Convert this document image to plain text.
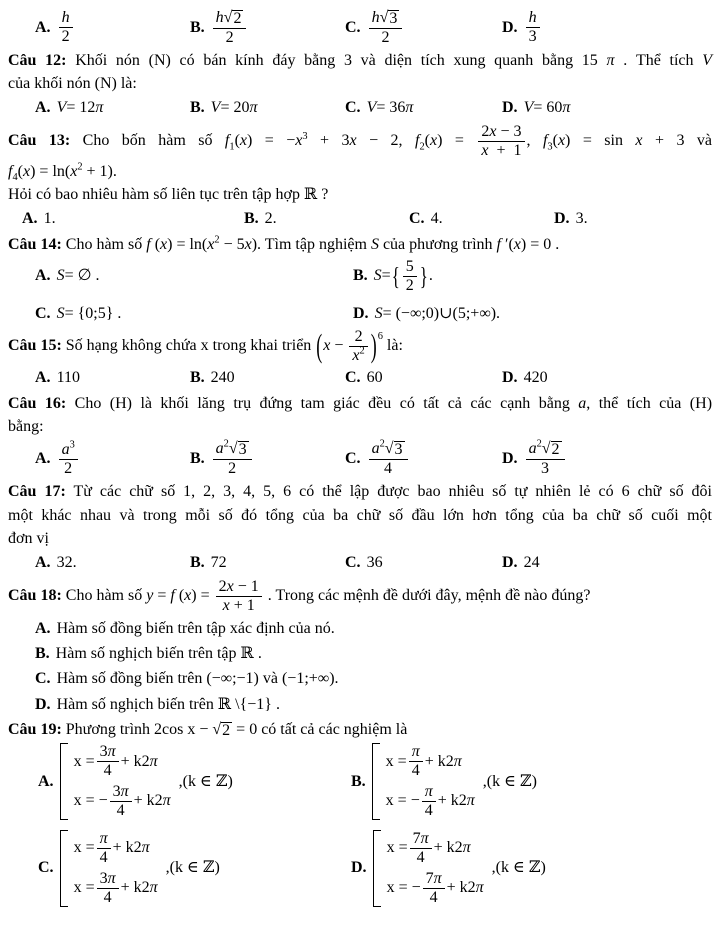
A. $\frac{h}{2}$	B. $\frac{h √ 2}{2}$	C. $\frac{h √ 3}{2}$	D. $\frac{h}{3}$

Câu 12: Khối nón (N) có bán kính đáy bằng 3 và diện tích xung quanh bằng 15 π . Thể tích V

của khối nón (N) là:

A. V = 12 π	B. V = 20 π	C. V = 36 π	D. V = 60 π

Câu 13: Cho bốn hàm số $f_1(x) = -x^3 + 3x - 2$, $f_2(x) = \frac{2x - 3}{x + 1}$ , $f_3(x) = \sin x + 3$ và

$f_4(x) = \ln(x^2 + 1)$.

Hỏi có bao nhiêu hàm số liên tục trên tập hợp ℝ ?

A. 1.	B. 2.	C. 4.	D. 3.

Câu 14: Cho hàm số f $(x) = \ln(x^2 - 5x)$. Tìm tập nghiệm S của phương trình f ′(x) = 0 .

A. S = ∅ .	B. S = { $\frac{5}{2}$ } .
C. S = {0;5} .	D. S = (−∞;0)∪(5;+∞).

Câu 15: Số hạng không chứa x trong khai triển $(x - \frac{2}{x^2} )^6$ là:

A. 110	B. 240	C. 60	D. 420

Câu 16: Cho (H) là khối lăng trụ đứng tam giác đều có tất cả các cạnh bằng a, thể tích của (H)

bằng:

A. $\frac{a^3}{2}$	B. $\frac{a^2 √ 3}{2}$	C. $\frac{a^2 √ 3}{4}$	D. $\frac{a^2 √ 2}{3}$

Câu 17: Từ các chữ số 1, 2, 3, 4, 5, 6 có thể lập được bao nhiêu số tự nhiên lẻ có 6 chữ số đôi

một khác nhau và trong mỗi số đó tổng của ba chữ số đầu lớn hơn tổng của ba chữ số cuối một

đơn vị

A. 32.	B. 72	C. 36	D. 24

Câu 18: Cho hàm số y = f $(x) = \frac{2x - 1}{x + 1}$ . Trong các mệnh đề dưới đây, mệnh đề nào đúng?

A. Hàm số đồng biến trên tập xác định của nó.
B. Hàm số nghịch biến trên tập ℝ .
C. Hàm số đồng biến trên (−∞;−1) và (−1;+∞).
D. Hàm số nghịch biến trên ℝ \{−1} .

Câu 19: Phương trình 2cos x − √ 2 = 0 có tất cả các nghiệm là

A.
$x = \frac{3\pi}{4} + k2$ π
x = − $\frac{3\pi}{4} + k2$ π
,(k ∈ ℤ)	B.
$x = \frac{\pi}{4} + k2$ π
x = − $\frac{\pi}{4} + k2$ π
,(k ∈ ℤ)
C.
$x = \frac{\pi}{4} + k2$ π
$x = \frac{3\pi}{4} + k2$ π
,(k ∈ ℤ)	D.
$x = \frac{7\pi}{4} + k2$ π
x = − $\frac{7\pi}{4} + k2$ π
,(k ∈ ℤ)
